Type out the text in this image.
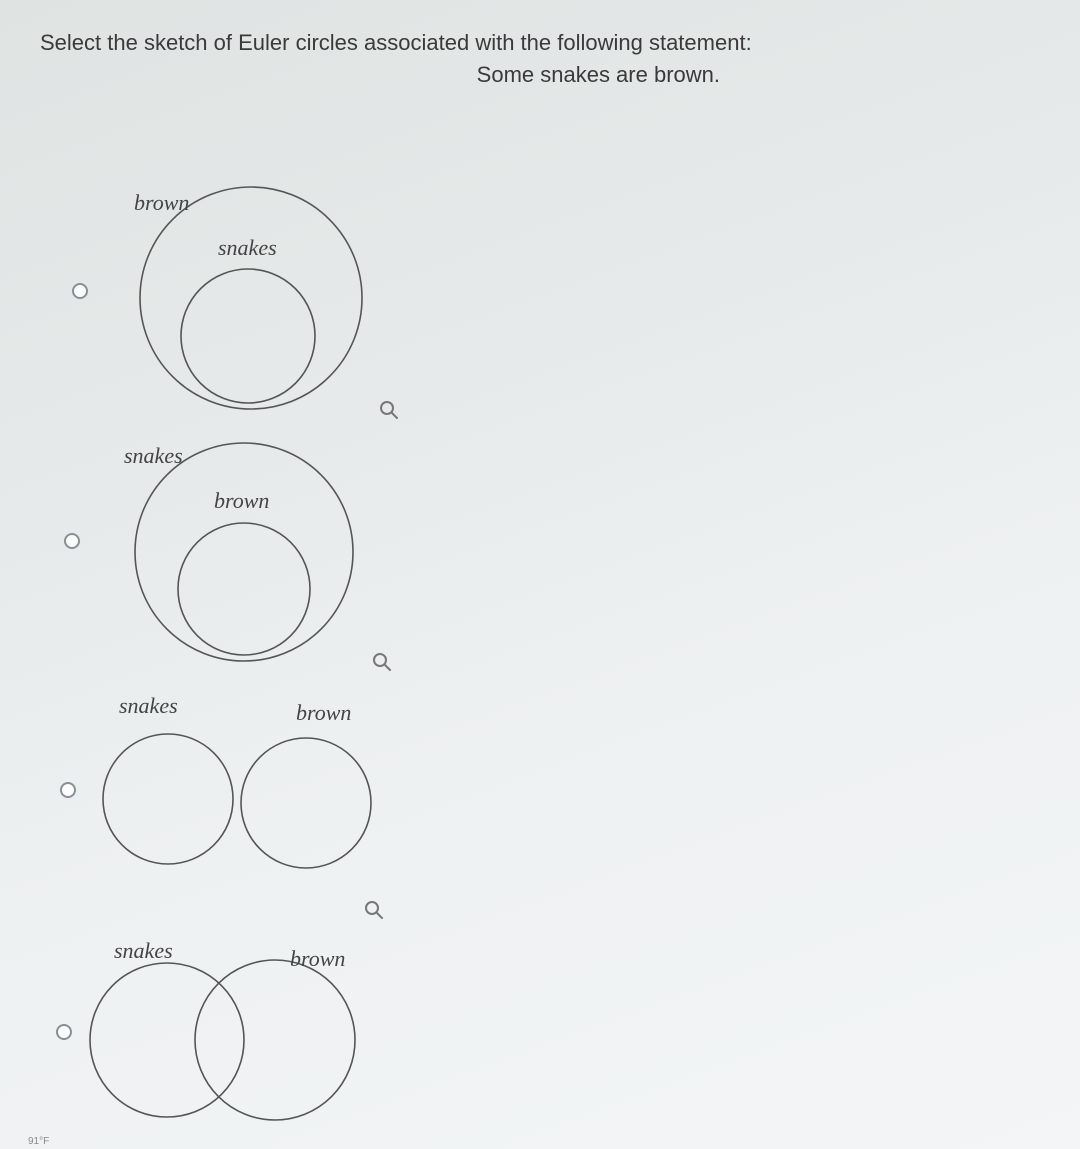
Select the sketch of Euler circles associated with the following statement:
Some snakes are brown.
brown
snakes
snakes
brown
snakes	brown
snakes	brown
91°F
